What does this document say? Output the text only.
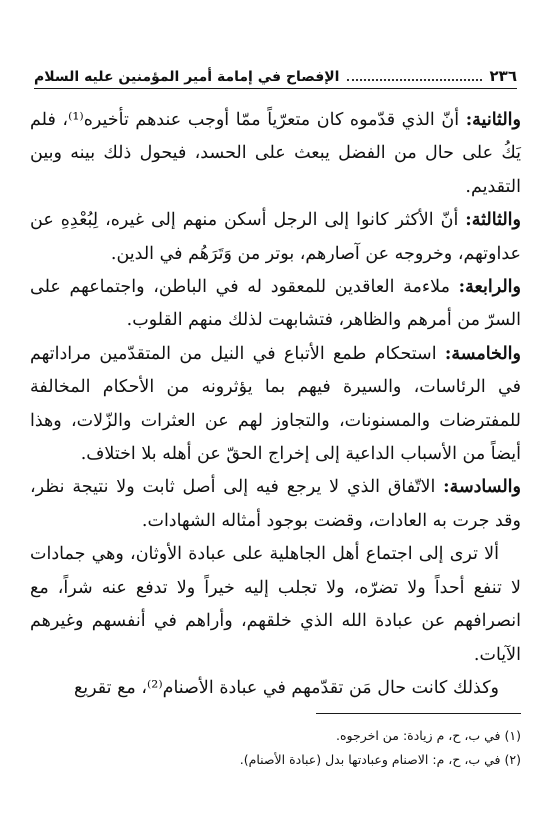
٢٣٦
الإفصاح في إمامة أمير المؤمنين عليه السلام

والثانية: أنّ الذي قدّموه كان متعرّياً ممّا أوجب عندهم تأخيره⁽¹⁾، فلم يَكُ على حال من الفضل يبعث على الحسد، فيحول ذلك بينه وبين التقديم.

والثالثة: أنّ الأكثر كانوا إلى الرجل أسكن منهم إلى غيره، لِبُعْدِهِ عن عداوتهم، وخروجه عن آصارهم، بوتر من وَتَرَهُم في الدين.

والرابعة: ملاءمة العاقدين للمعقود له في الباطن، واجتماعهم على السرّ من أمرهم والظاهر، فتشابهت لذلك منهم القلوب.

والخامسة: استحكام طمع الأتباع في النيل من المتقدّمين مراداتهم في الرئاسات، والسيرة فيهم بما يؤثرونه من الأحكام المخالفة للمفترضات والمسنونات، والتجاوز لهم عن العثرات والزّلات، وهذا أيضاً من الأسباب الداعية إلى إخراج الحقّ عن أهله بلا اختلاف.

والسادسة: الاتّفاق الذي لا يرجع فيه إلى أصل ثابت ولا نتيجة نظر، وقد جرت به العادات، وقضت بوجود أمثاله الشهادات.

ألا ترى إلى اجتماع أهل الجاهلية على عبادة الأوثان، وهي جمادات لا تنفع أحداً ولا تضرّه، ولا تجلب إليه خيراً ولا تدفع عنه شراً، مع انصرافهم عن عبادة الله الذي خلقهم، وأراهم في أنفسهم وغيرهم الآيات.

وكذلك كانت حال مَن تقدّمهم في عبادة الأصنام⁽²⁾، مع تقريع

(١) في ب، ح، م زيادة: من اخرجوه.

(٢) في ب، ح، م: الاصنام وعبادتها بدل (عبادة الأصنام).
